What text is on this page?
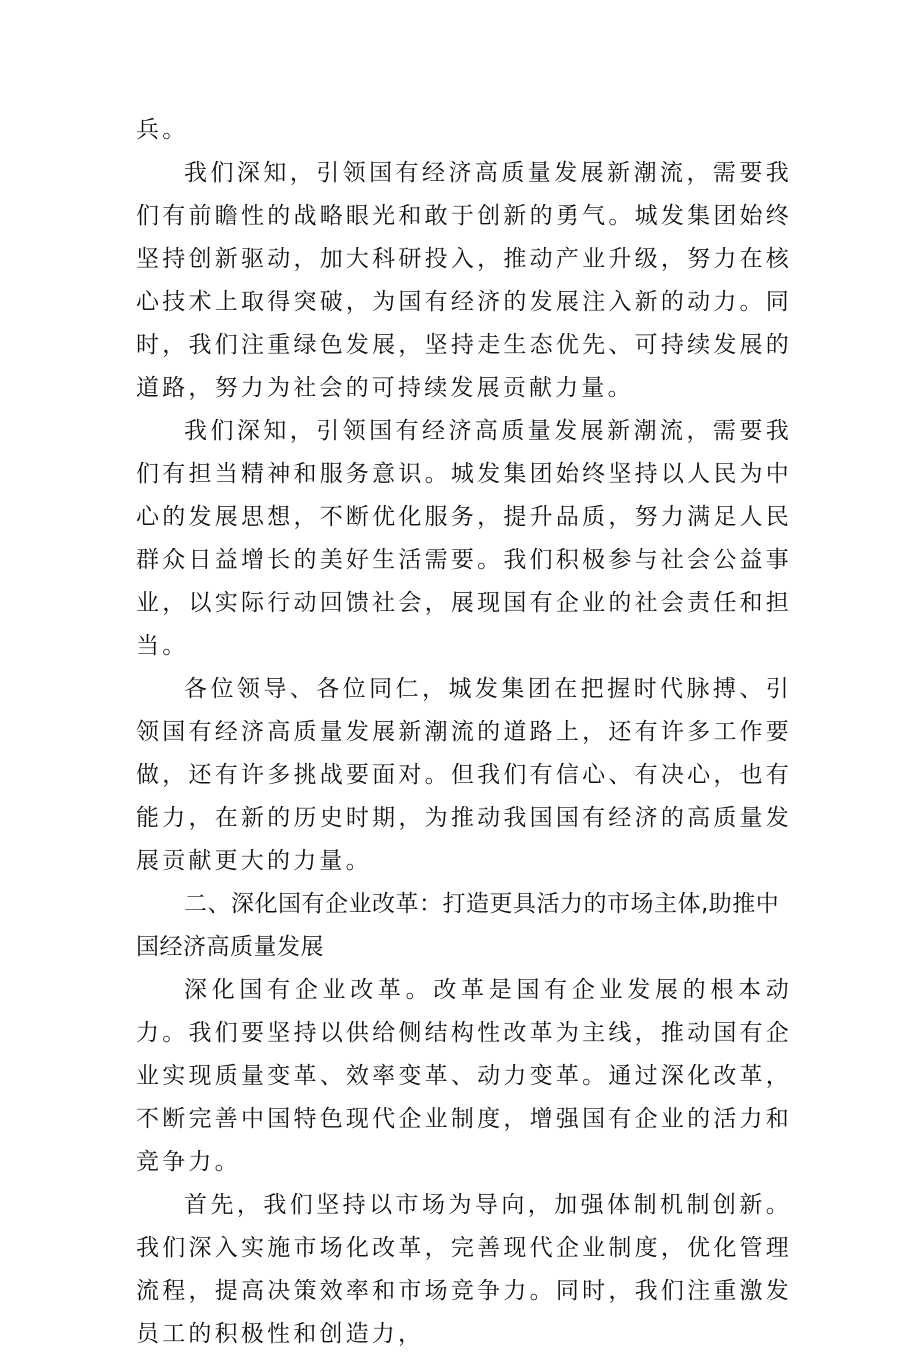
兵。

我们深知，引领国有经济高质量发展新潮流，需要我们有前瞻性的战略眼光和敢于创新的勇气。城发集团始终坚持创新驱动，加大科研投入，推动产业升级，努力在核心技术上取得突破，为国有经济的发展注入新的动力。同时，我们注重绿色发展，坚持走生态优先、可持续发展的道路，努力为社会的可持续发展贡献力量。

我们深知，引领国有经济高质量发展新潮流，需要我们有担当精神和服务意识。城发集团始终坚持以人民为中心的发展思想，不断优化服务，提升品质，努力满足人民群众日益增长的美好生活需要。我们积极参与社会公益事业，以实际行动回馈社会，展现国有企业的社会责任和担当。

各位领导、各位同仁，城发集团在把握时代脉搏、引领国有经济高质量发展新潮流的道路上，还有许多工作要做，还有许多挑战要面对。但我们有信心、有决心，也有能力，在新的历史时期，为推动我国国有经济的高质量发展贡献更大的力量。

二、深化国有企业改革：打造更具活力的市场主体,助推中国经济高质量发展

深化国有企业改革。改革是国有企业发展的根本动力。我们要坚持以供给侧结构性改革为主线，推动国有企业实现质量变革、效率变革、动力变革。通过深化改革，不断完善中国特色现代企业制度，增强国有企业的活力和竞争力。

首先，我们坚持以市场为导向，加强体制机制创新。我们深入实施市场化改革，完善现代企业制度，优化管理流程，提高决策效率和市场竞争力。同时，我们注重激发员工的积极性和创造力，
